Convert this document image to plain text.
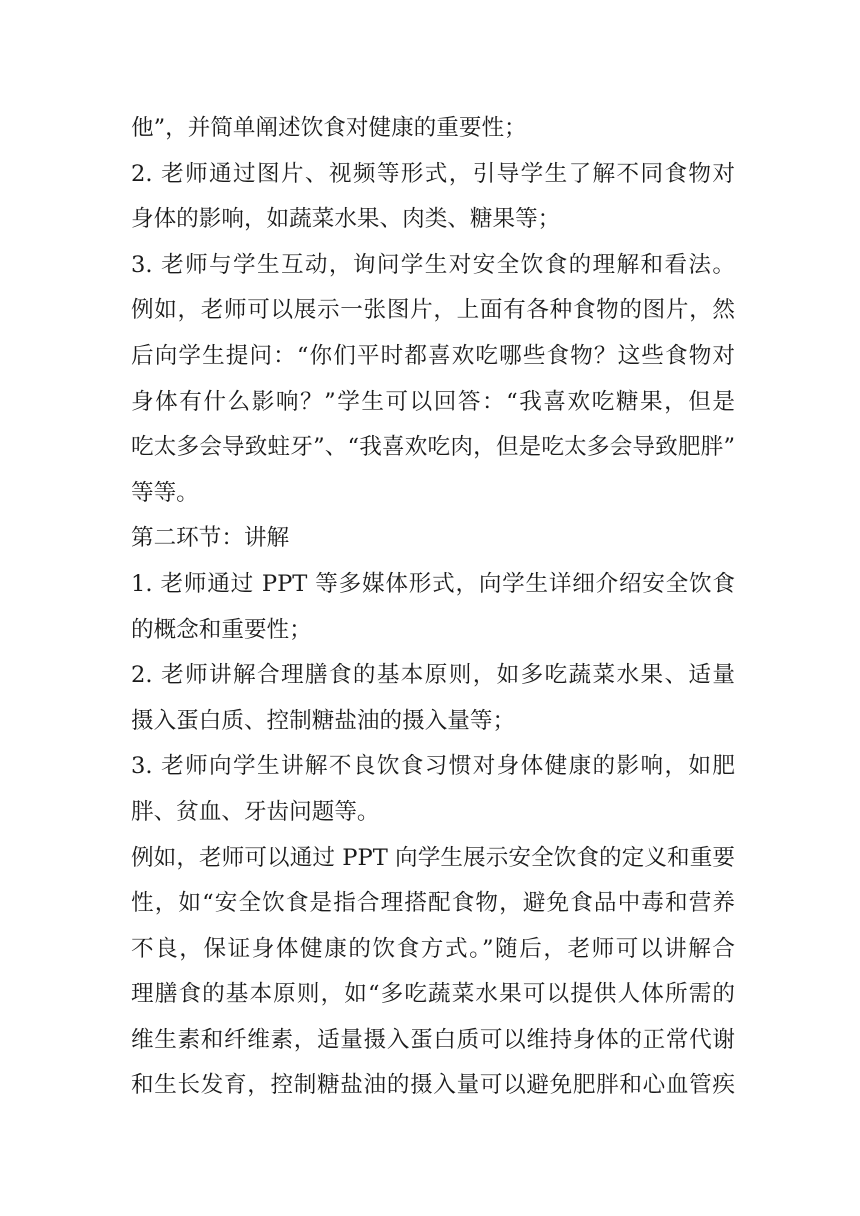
他”，并简单阐述饮食对健康的重要性；
2. 老师通过图片、视频等形式，引导学生了解不同食物对
身体的影响，如蔬菜水果、肉类、糖果等；
3. 老师与学生互动，询问学生对安全饮食的理解和看法。
例如，老师可以展示一张图片，上面有各种食物的图片，然
后向学生提问：“你们平时都喜欢吃哪些食物？这些食物对
身体有什么影响？”学生可以回答：“我喜欢吃糖果，但是
吃太多会导致蛀牙”、“我喜欢吃肉，但是吃太多会导致肥胖”
等等。
第二环节：讲解
1. 老师通过 PPT 等多媒体形式，向学生详细介绍安全饮食
的概念和重要性；
2. 老师讲解合理膳食的基本原则，如多吃蔬菜水果、适量
摄入蛋白质、控制糖盐油的摄入量等；
3. 老师向学生讲解不良饮食习惯对身体健康的影响，如肥
胖、贫血、牙齿问题等。
例如，老师可以通过 PPT 向学生展示安全饮食的定义和重要
性，如“安全饮食是指合理搭配食物，避免食品中毒和营养
不良，保证身体健康的饮食方式。”随后，老师可以讲解合
理膳食的基本原则，如“多吃蔬菜水果可以提供人体所需的
维生素和纤维素，适量摄入蛋白质可以维持身体的正常代谢
和生长发育，控制糖盐油的摄入量可以避免肥胖和心血管疾
